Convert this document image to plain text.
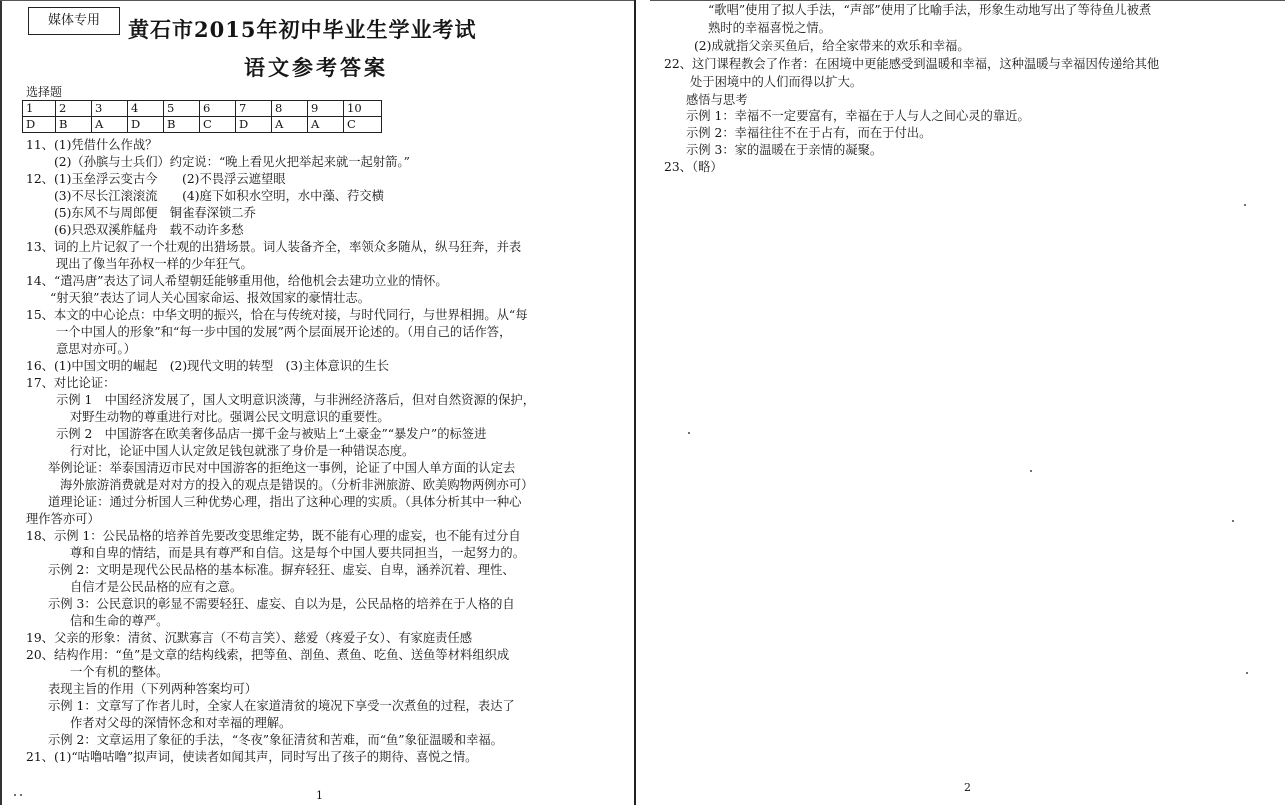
媒体专用	黄石市2015年初中毕业生学业考试
语文参考答案
选择题
1	2	3	4	5	6	7	8	9	10
D	B	A	D	B	C	D	A	A	C
11、(1)凭借什么作战？
(2)（孙膑与士兵们）约定说：“晚上看见火把举起来就一起射箭。”
12、(1)玉垒浮云变古今　　(2)不畏浮云遮望眼
(3)不尽长江滚滚流　　(4)庭下如积水空明，水中藻、荇交横
(5)东风不与周郎便　铜雀春深锁二乔
(6)只恐双溪舴艋舟　载不动许多愁
13、词的上片记叙了一个壮观的出猎场景。词人装备齐全，率领众多随从，纵马狂奔，并表
现出了像当年孙权一样的少年狂气。
14、“遣冯唐”表达了词人希望朝廷能够重用他，给他机会去建功立业的情怀。
“射天狼”表达了词人关心国家命运、报效国家的豪情壮志。
15、本文的中心论点：中华文明的振兴，恰在与传统对接，与时代同行，与世界相拥。从“每
一个中国人的形象”和“每一步中国的发展”两个层面展开论述的。（用自己的话作答，
意思对亦可。）
16、(1)中国文明的崛起　(2)现代文明的转型　(3)主体意识的生长
17、对比论证：
示例 1　中国经济发展了，国人文明意识淡薄，与非洲经济落后，但对自然资源的保护，
对野生动物的尊重进行对比。强调公民文明意识的重要性。
示例 2　中国游客在欧美奢侈品店一掷千金与被贴上“土豪金”“暴发户”的标签进
行对比，论证中国人认定敛足钱包就涨了身价是一种错误态度。
举例论证：举泰国清迈市民对中国游客的拒绝这一事例，论证了中国人单方面的认定去
海外旅游消费就是对对方的投入的观点是错误的。（分析非洲旅游、欧美购物两例亦可）
道理论证：通过分析国人三种优势心理，指出了这种心理的实质。（具体分析其中一种心
理作答亦可）
18、示例 1：公民品格的培养首先要改变思维定势，既不能有心理的虚妄，也不能有过分自
尊和自卑的情结，而是具有尊严和自信。这是每个中国人要共同担当，一起努力的。
示例 2：文明是现代公民品格的基本标准。摒弃轻狂、虚妄、自卑，涵养沉着、理性、
自信才是公民品格的应有之意。
示例 3：公民意识的彰显不需要轻狂、虚妄、自以为是，公民品格的培养在于人格的自
信和生命的尊严。
19、父亲的形象：清贫、沉默寡言（不苟言笑）、慈爱（疼爱子女）、有家庭责任感
20、结构作用：“鱼”是文章的结构线索，把等鱼、剖鱼、煮鱼、吃鱼、送鱼等材料组织成
一个有机的整体。
表现主旨的作用（下列两种答案均可）
示例 1：文章写了作者儿时，全家人在家道清贫的境况下享受一次煮鱼的过程，表达了
作者对父母的深情怀念和对幸福的理解。
示例 2：文章运用了象征的手法，“冬夜”象征清贫和苦难，而“鱼”象征温暖和幸福。
21、(1)“咕噜咕噜”拟声词，使读者如闻其声，同时写出了孩子的期待、喜悦之情。
1
“歌唱”使用了拟人手法，“声部”使用了比喻手法，形象生动地写出了等待鱼儿被煮
熟时的幸福喜悦之情。
(2)成就指父亲买鱼后，给全家带来的欢乐和幸福。
22、这门课程教会了作者：在困境中更能感受到温暖和幸福，这种温暖与幸福因传递给其他
处于困境中的人们而得以扩大。
感悟与思考
示例 1：幸福不一定要富有，幸福在于人与人之间心灵的靠近。
示例 2：幸福往往不在于占有，而在于付出。
示例 3：家的温暖在于亲情的凝聚。
23、（略）
2
